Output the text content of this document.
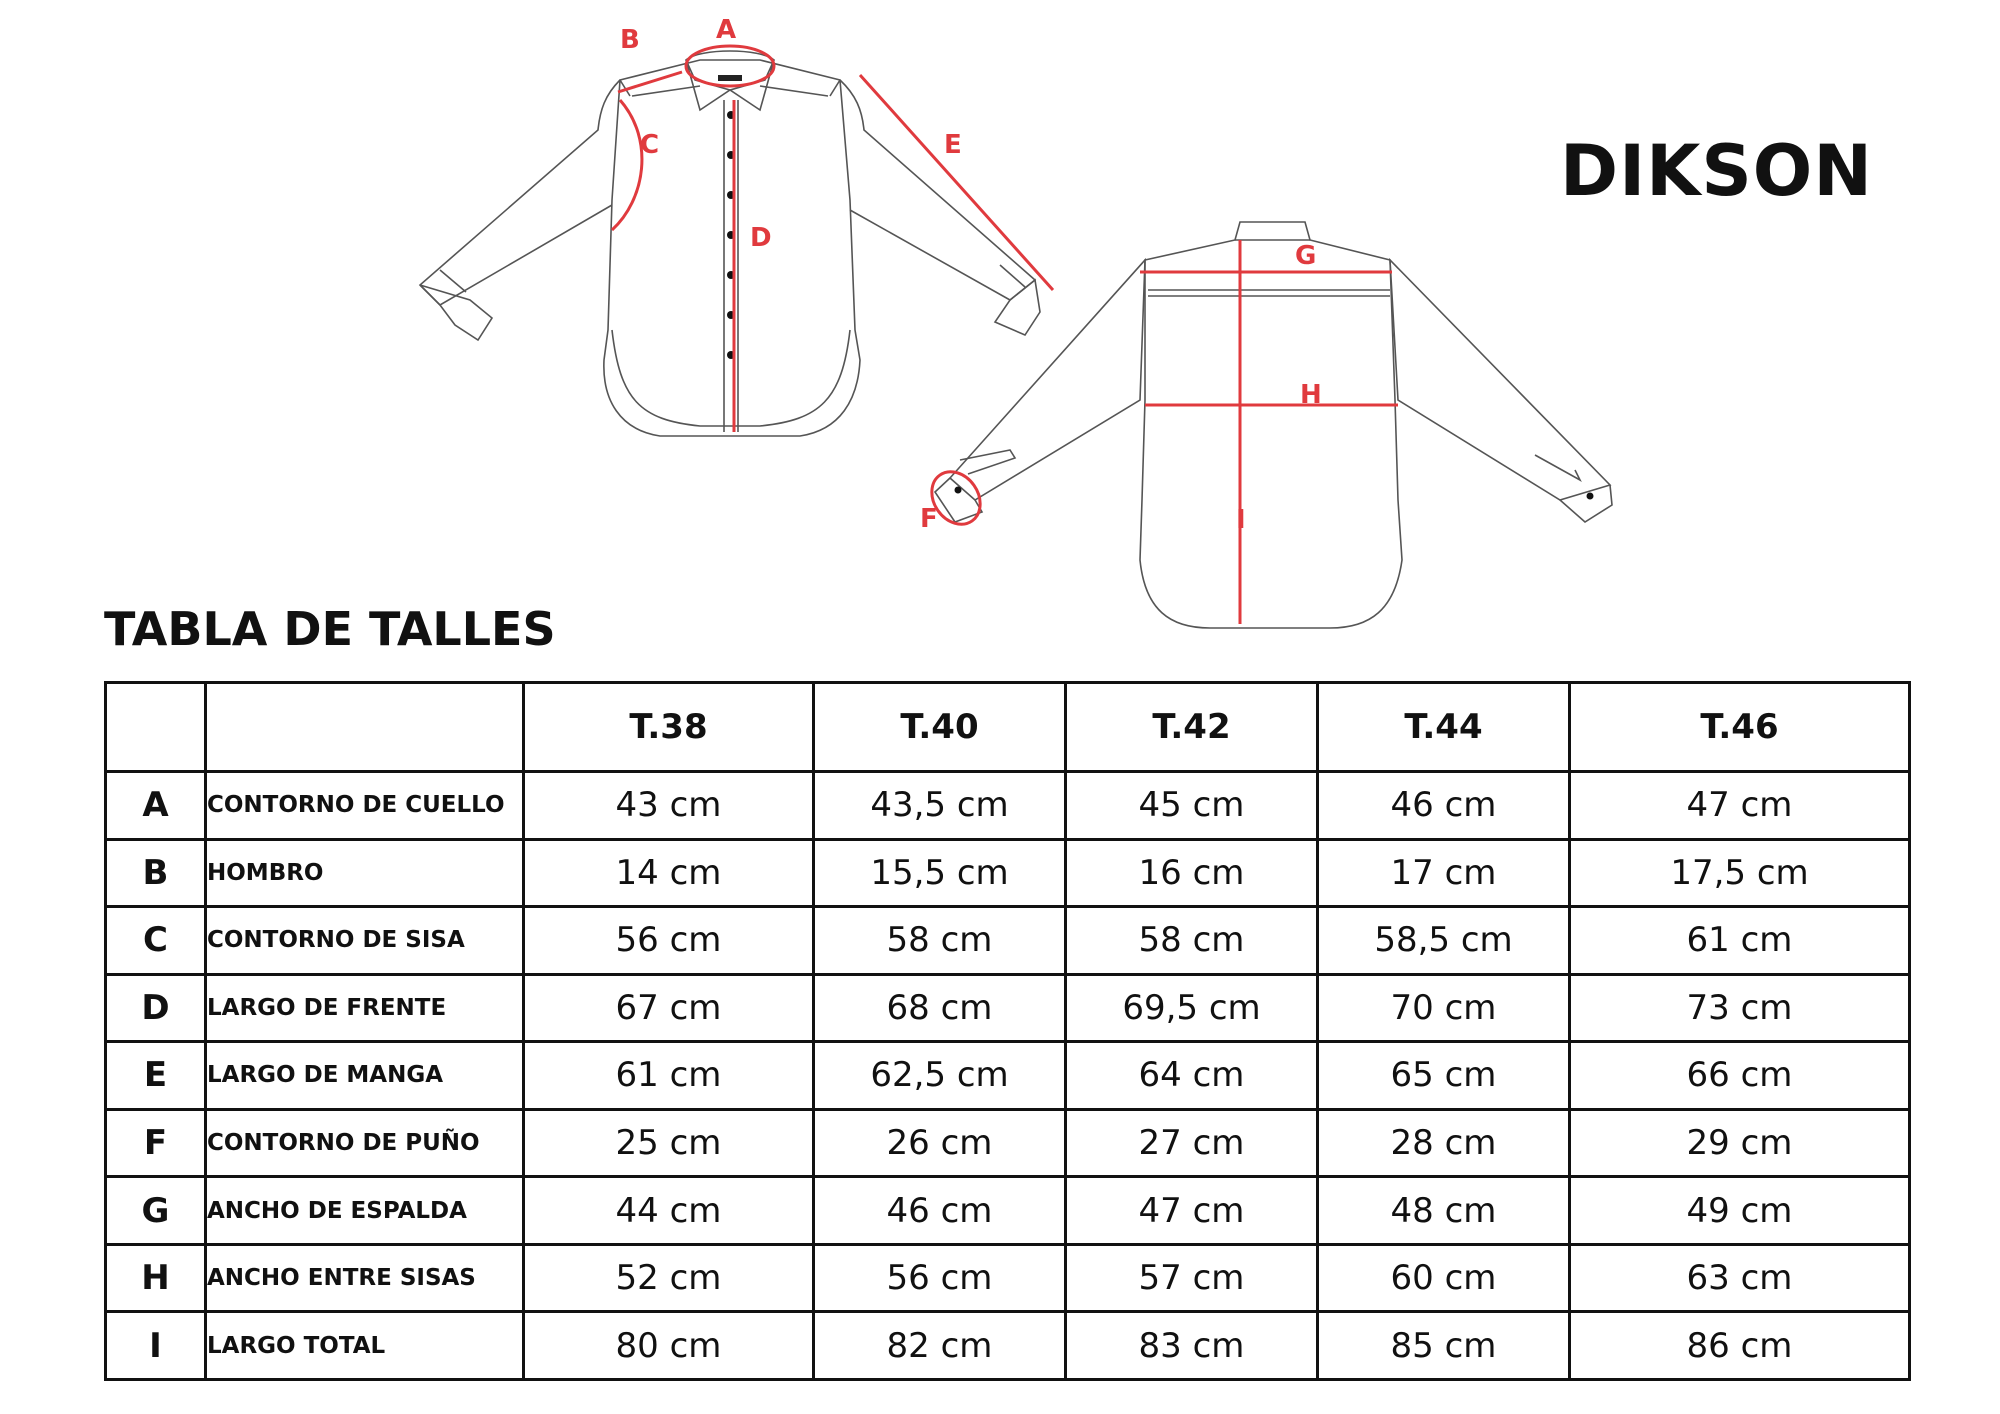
A
B
C
D
E
F
G
H
I
DIKSON
TABLA DE TALLES
		T.38	T.40	T.42	T.44	T.46
A	CONTORNO DE CUELLO	43 cm	43,5 cm	45 cm	46 cm	47 cm
B	HOMBRO	14 cm	15,5 cm	16 cm	17 cm	17,5 cm
C	CONTORNO DE SISA	56 cm	58 cm	58 cm	58,5 cm	61 cm
D	LARGO DE FRENTE	67 cm	68 cm	69,5 cm	70 cm	73 cm
E	LARGO DE MANGA	61 cm	62,5 cm	64 cm	65 cm	66 cm
F	CONTORNO DE PUÑO	25 cm	26 cm	27 cm	28 cm	29 cm
G	ANCHO DE ESPALDA	44 cm	46 cm	47 cm	48 cm	49 cm
H	ANCHO ENTRE SISAS	52 cm	56 cm	57 cm	60 cm	63 cm
I	LARGO TOTAL	80 cm	82 cm	83 cm	85 cm	86 cm
